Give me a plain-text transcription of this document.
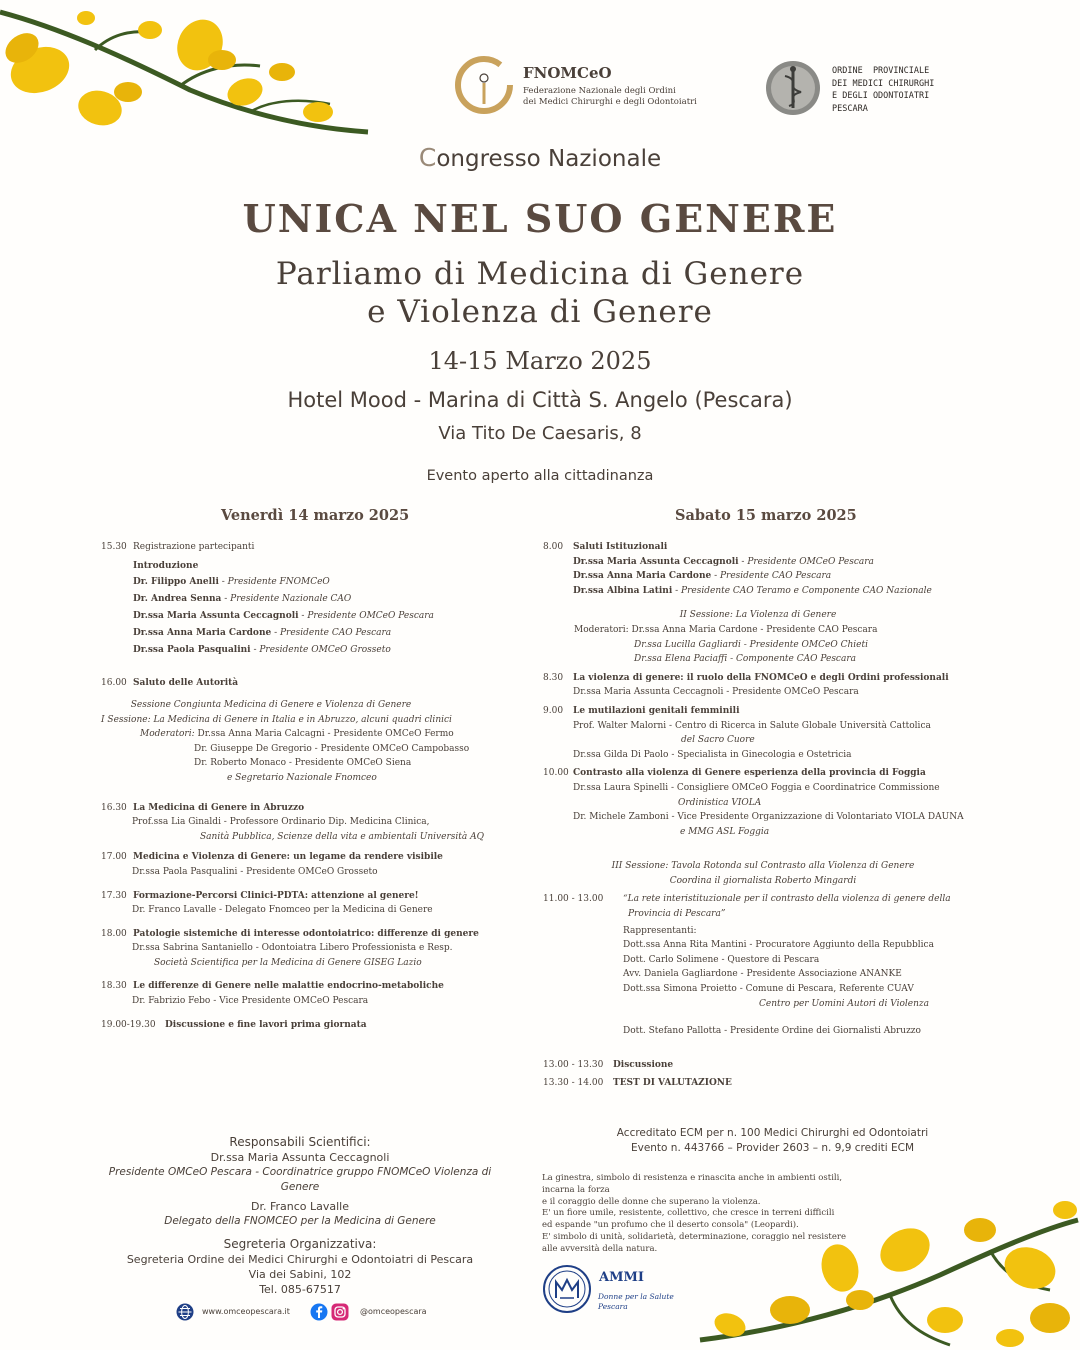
FNOMCeO
Federazione Nazionale degli Ordini
dei Medici Chirurghi e degli Odontoiatri
ORDINE  PROVINCIALE
DEI MEDICI CHIRURGHI
E DEGLI ODONTOIATRI
PESCARA
Congresso Nazionale
UNICA NEL SUO GENERE
Parliamo di Medicina di Genere
e Violenza di Genere
14-15 Marzo 2025
Hotel Mood - Marina di Città S. Angelo (Pescara)
Via Tito De Caesaris, 8
Evento aperto alla cittadinanza
Venerdì 14 marzo 2025	Sabato 15 marzo 2025
15.30 Registrazione partecipanti
Introduzione
Dr. Filippo Anelli - Presidente FNOMCeO
Dr. Andrea Senna - Presidente Nazionale CAO
Dr.ssa Maria Assunta Ceccagnoli - Presidente OMCeO Pescara
Dr.ssa Anna Maria Cardone - Presidente CAO Pescara
Dr.ssa Paola Pasqualini - Presidente OMCeO Grosseto
16.00 Saluto delle Autorità
Sessione Congiunta Medicina di Genere e Violenza di Genere
I Sessione: La Medicina di Genere in Italia e in Abruzzo, alcuni quadri clinici
Moderatori: Dr.ssa Anna Maria Calcagni - Presidente OMCeO Fermo
Dr. Giuseppe De Gregorio - Presidente OMCeO Campobasso
Dr. Roberto Monaco - Presidente OMCeO Siena
e Segretario Nazionale Fnomceo
16.30 La Medicina di Genere in Abruzzo
Prof.ssa Lia Ginaldi - Professore Ordinario Dip. Medicina Clinica,
Sanità Pubblica, Scienze della vita e ambientali Università AQ
17.00 Medicina e Violenza di Genere: un legame da rendere visibile
Dr.ssa Paola Pasqualini - Presidente OMCeO Grosseto
17.30 Formazione-Percorsi Clinici-PDTA: attenzione al genere!
Dr. Franco Lavalle - Delegato Fnomceo per la Medicina di Genere
18.00 Patologie sistemiche di interesse odontoiatrico: differenze di genere
Dr.ssa Sabrina Santaniello - Odontoiatra Libero Professionista e Resp.
Società Scientifica per la Medicina di Genere GISEG Lazio
18.30 Le differenze di Genere nelle malattie endocrino-metaboliche
Dr. Fabrizio Febo - Vice Presidente OMCeO Pescara
19.00-19.30	Discussione e fine lavori prima giornata
8.00	Saluti Istituzionali
Dr.ssa Maria Assunta Ceccagnoli - Presidente OMCeO Pescara
Dr.ssa Anna Maria Cardone - Presidente CAO Pescara
Dr.ssa Albina Latini - Presidente CAO Teramo e Componente CAO Nazionale
II Sessione: La Violenza di Genere
Moderatori: Dr.ssa Anna Maria Cardone - Presidente CAO Pescara
Dr.ssa Lucilla Gagliardi - Presidente OMCeO Chieti
Dr.ssa Elena Paciaffi - Componente CAO Pescara
8.30	La violenza di genere: il ruolo della FNOMCeO e degli Ordini professionali
Dr.ssa Maria Assunta Ceccagnoli - Presidente OMCeO Pescara
9.00	Le mutilazioni genitali femminili
Prof. Walter Malorni - Centro di Ricerca in Salute Globale Università Cattolica
del Sacro Cuore
Dr.ssa Gilda Di Paolo - Specialista in Ginecologia e Ostetricia
10.00 Contrasto alla violenza di Genere esperienza della provincia di Foggia
Dr.ssa Laura Spinelli - Consigliere OMCeO Foggia e Coordinatrice Commissione
Ordinistica VIOLA
Dr. Michele Zamboni - Vice Presidente Organizzazione di Volontariato VIOLA DAUNA
e MMG ASL Foggia
III Sessione: Tavola Rotonda sul Contrasto alla Violenza di Genere
Coordina il giornalista Roberto Mingardi
11.00 - 13.00	“La rete interistituzionale per il contrasto della violenza di genere della
Provincia di Pescara”
Rappresentanti:
Dott.ssa Anna Rita Mantini - Procuratore Aggiunto della Repubblica
Dott. Carlo Solimene - Questore di Pescara
Avv. Daniela Gagliardone - Presidente Associazione ANANKE
Dott.ssa Simona Proietto - Comune di Pescara, Referente CUAV
Centro per Uomini Autori di Violenza
Dott. Stefano Pallotta - Presidente Ordine dei Giornalisti Abruzzo
13.00 - 13.30	Discussione
13.30 - 14.00	TEST DI VALUTAZIONE
Responsabili Scientifici:
Dr.ssa Maria Assunta Ceccagnoli
Presidente OMCeO Pescara - Coordinatrice gruppo FNOMCeO Violenza di Genere
Dr. Franco Lavalle
Delegato della FNOMCEO per la Medicina di Genere
Segreteria Organizzativa:
Segreteria Ordine dei Medici Chirurghi e Odontoiatri di Pescara
Via dei Sabini, 102
Tel. 085-67517
www.omceopescara.it	@omceopescara
Accreditato ECM per n. 100 Medici Chirurghi ed Odontoiatri
Evento n. 443766 – Provider 2603 – n. 9,9 crediti ECM
La ginestra, simbolo di resistenza e rinascita anche in ambienti ostili, incarna la forza
e il coraggio delle donne che superano la violenza.
E' un fiore umile, resistente, collettivo, che cresce in terreni difficili
ed espande "un profumo che il deserto consola" (Leopardi).
E' simbolo di unità, solidarietà, determinazione, coraggio nel resistere
alle avversità della natura.
AMMI
Donne per la Salute
Pescara
